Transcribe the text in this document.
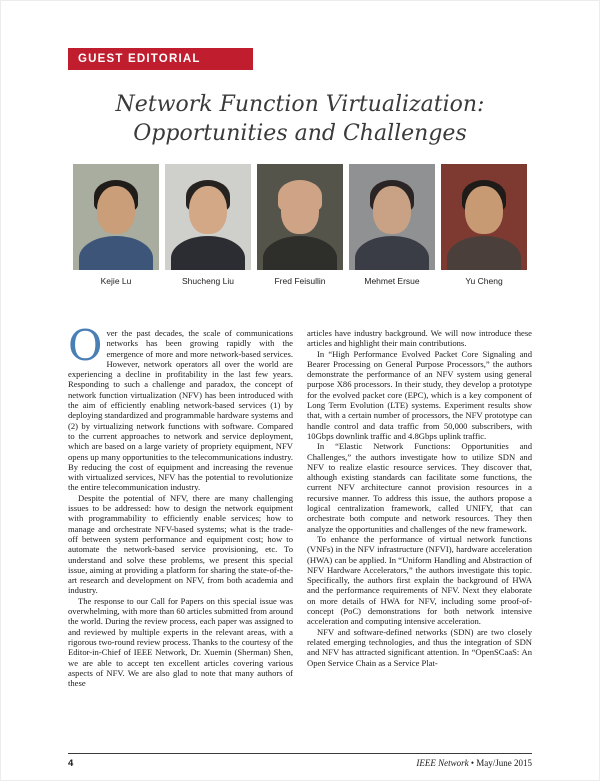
GUEST EDITORIAL
Network Function Virtualization:
Opportunities and Challenges
Kejie Lu	Shucheng Liu	Fred Feisullin	Mehmet Ersue	Yu Cheng

Over the past decades, the scale of communications networks has been growing rapidly with the emergence of more and more network-based services. However, network operators all over the world are experiencing a decline in profitability in the last few years. Responding to such a challenge and paradox, the concept of network function virtualization (NFV) has been introduced with the aim of efficiently enabling network-based services (1) by deploying standardized and programmable hardware systems and (2) by virtualizing network functions with software. Compared to the current approaches to network and service deployment, which are based on a large variety of propriety equipment, NFV opens up many opportunities to the telecommunications industry. By reducing the cost of equipment and increasing the revenue with virtualized services, NFV has the potential to revolutionize the entire telecommunication industry.

Despite the potential of NFV, there are many challenging issues to be addressed: how to design the network equipment with programmability to efficiently enable services; how to manage and orchestrate NFV-based systems; what is the trade-off between system performance and equipment cost; how to automate the network-based service provisioning, etc. To understand and solve these problems, we present this special issue, aiming at providing a platform for sharing the state-of-the-art research and development on NFV, from both academia and industry.

The response to our Call for Papers on this special issue was overwhelming, with more than 60 articles submitted from around the world. During the review process, each paper was assigned to and reviewed by multiple experts in the relevant areas, with a rigorous two-round review process. Thanks to the courtesy of the Editor-in-Chief of IEEE Network, Dr. Xuemin (Sherman) Shen, we are able to accept ten excellent articles covering various aspects of NFV. We are also glad to note that many authors of these

articles have industry background. We will now introduce these articles and highlight their main contributions.

In “High Performance Evolved Packet Core Signaling and Bearer Processing on General Purpose Processors,” the authors demonstrate the performance of an NFV system using general purpose X86 processors. In their study, they develop a prototype for the evolved packet core (EPC), which is a key component of Long Term Evolution (LTE) systems. Experiment results show that, with a certain number of processors, the NFV prototype can handle control and data traffic from 50,000 subscribers, with 10Gbps downlink traffic and 4.8Gbps uplink traffic.

In “Elastic Network Functions: Opportunities and Challenges,” the authors investigate how to utilize SDN and NFV to realize elastic resource services. They discover that, although existing standards can facilitate some functions, the current NFV architecture cannot provision resources in a recursive manner. To address this issue, the authors propose a logical centralization framework, called UNIFY, that can orchestrate both compute and network resources. They then analyze the opportunities and challenges of the new framework.

To enhance the performance of virtual network functions (VNFs) in the NFV infrastructure (NFVI), hardware acceleration (HWA) can be applied. In “Uniform Handling and Abstraction of NFV Hardware Accelerators,” the authors investigate this topic. Specifically, the authors first explain the background of HWA and the performance requirements of NFV. Next they elaborate on more details of HWA for NFV, including some proof-of-concept (PoC) demonstrations for both network intensive acceleration and computing intensive acceleration.

NFV and software-defined networks (SDN) are two closely related emerging technologies, and thus the integration of SDN and NFV has attracted significant attention. In “OpenSCaaS: An Open Service Chain as a Service Plat-

4	IEEE Network • May/June 2015
